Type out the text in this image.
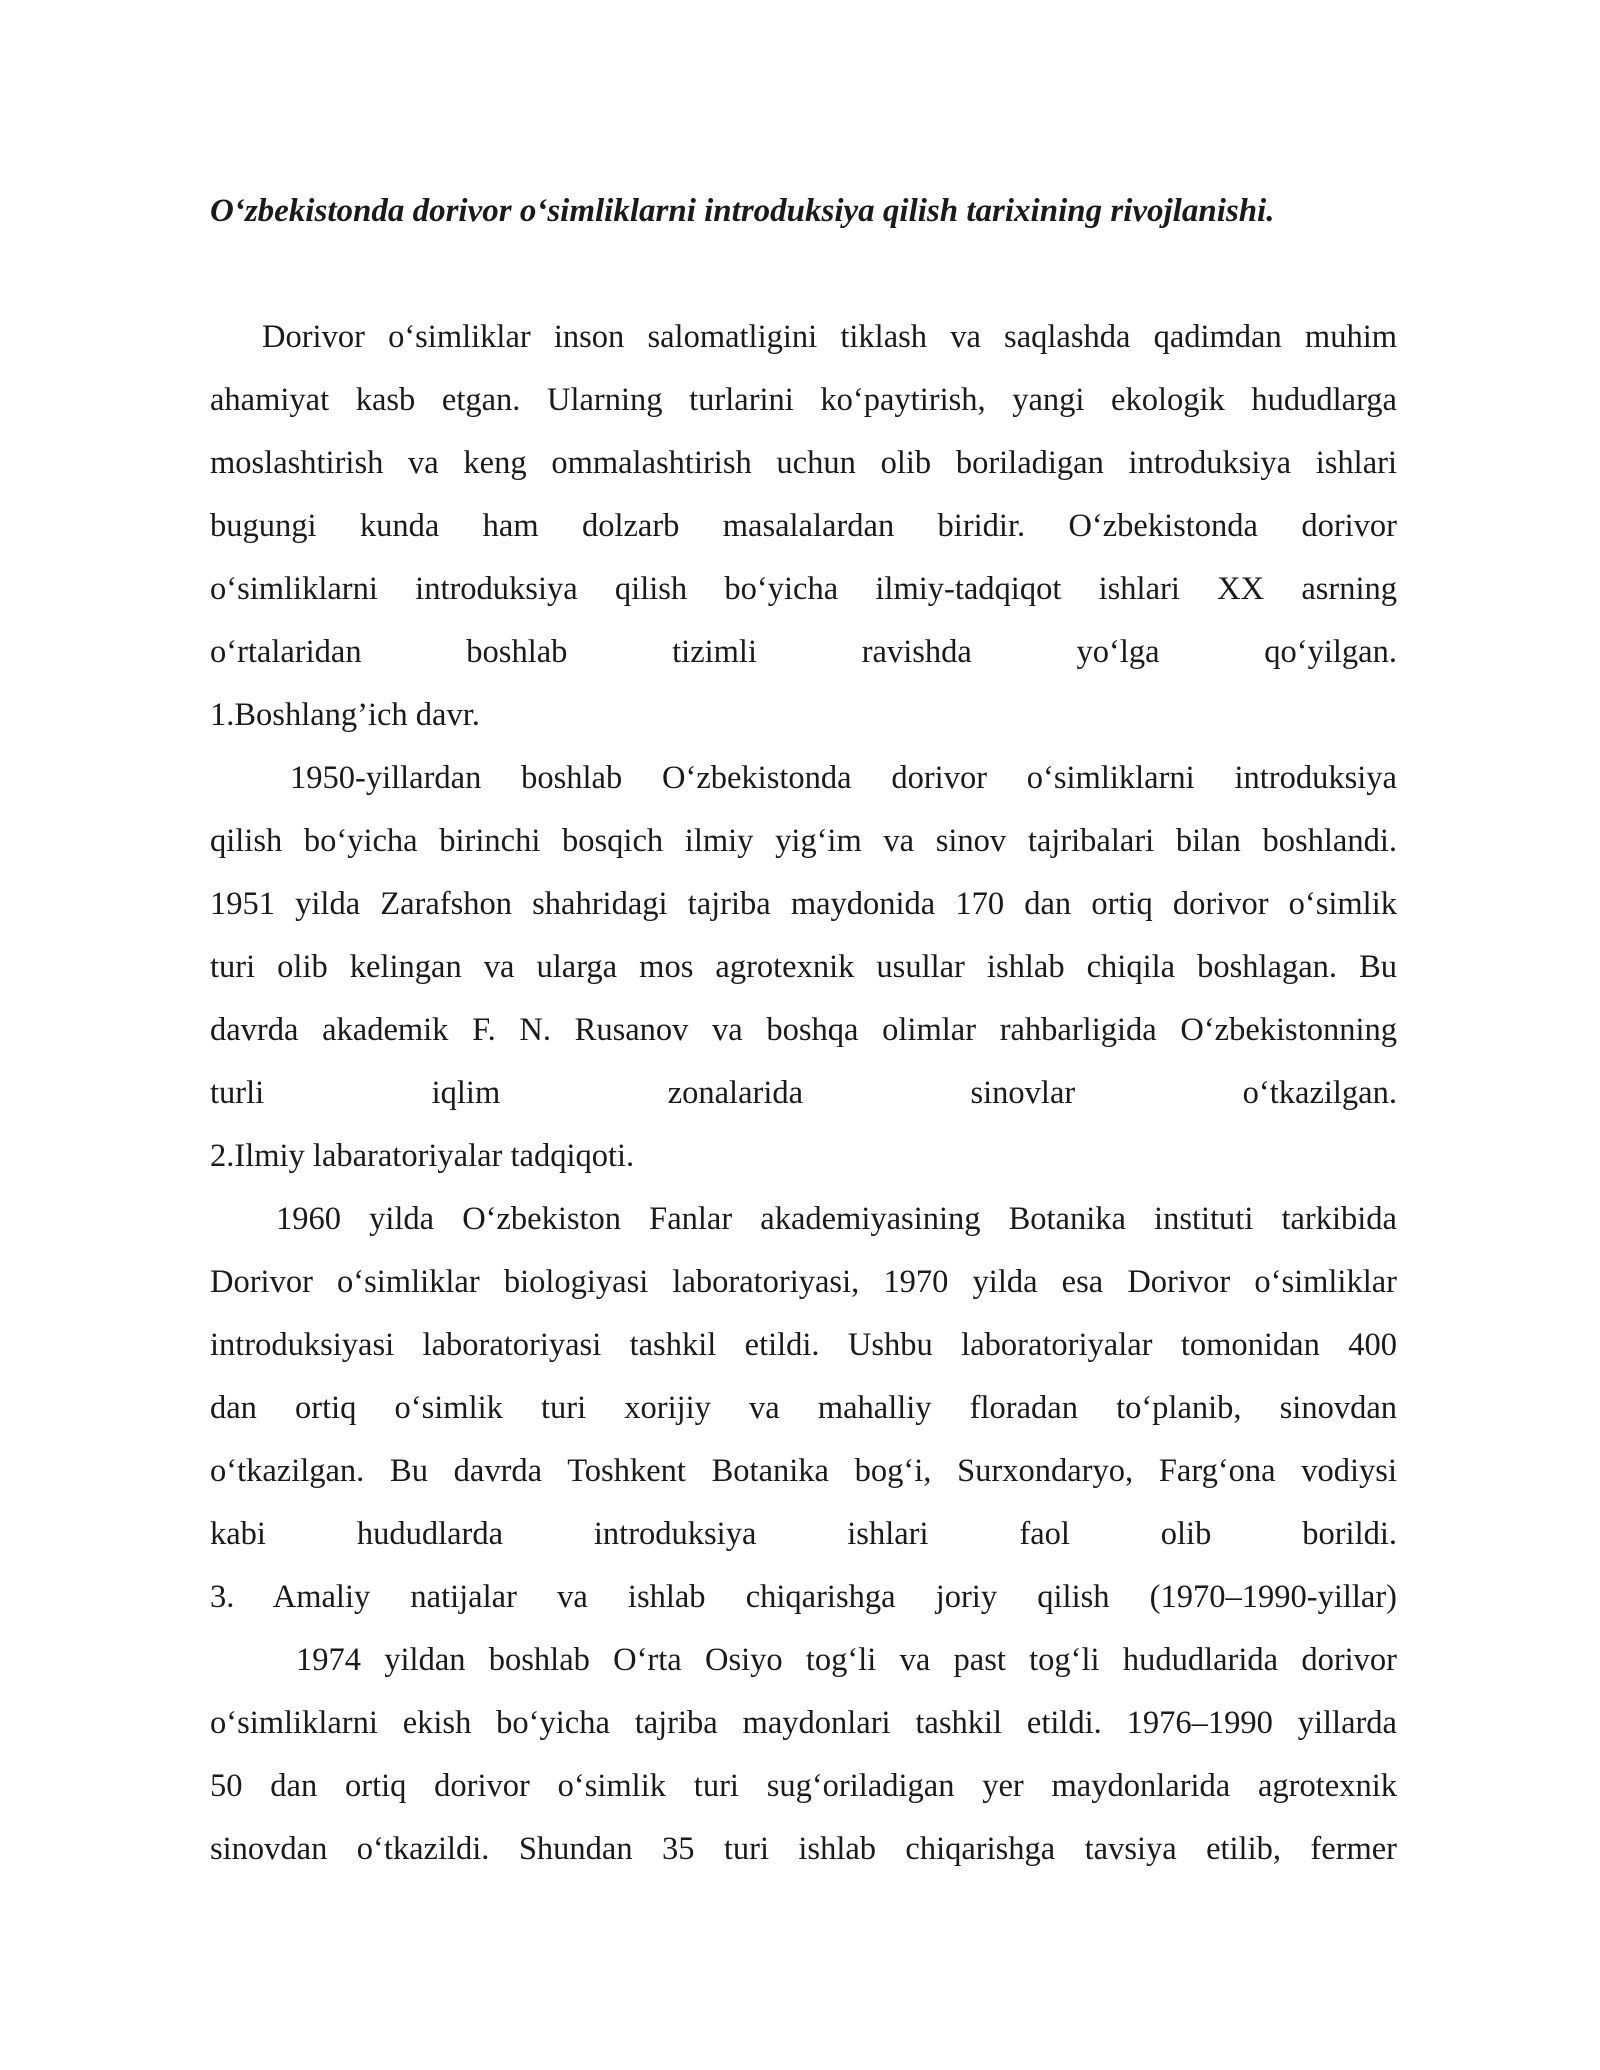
O‘zbekistonda dorivor o‘simliklarni introduksiya qilish tarixining rivojlanishi.
Dorivor o‘simliklar inson salomatligini tiklash va saqlashda qadimdan muhim
ahamiyat kasb etgan. Ularning turlarini ko‘paytirish, yangi ekologik hududlarga
moslashtirish va keng ommalashtirish uchun olib boriladigan introduksiya ishlari
bugungi kunda ham dolzarb masalalardan biridir. O‘zbekistonda dorivor
o‘simliklarni introduksiya qilish bo‘yicha ilmiy-tadqiqot ishlari XX asrning
o‘rtalaridan boshlab tizimli ravishda yo‘lga qo‘yilgan.
1.Boshlang’ich davr.
1950-yillardan boshlab O‘zbekistonda dorivor o‘simliklarni introduksiya
qilish bo‘yicha birinchi bosqich ilmiy yig‘im va sinov tajribalari bilan boshlandi.
1951 yilda Zarafshon shahridagi tajriba maydonida 170 dan ortiq dorivor o‘simlik
turi olib kelingan va ularga mos agrotexnik usullar ishlab chiqila boshlagan. Bu
davrda akademik F. N. Rusanov va boshqa olimlar rahbarligida O‘zbekistonning
turli iqlim zonalarida sinovlar o‘tkazilgan.
2.Ilmiy labaratoriyalar tadqiqoti.
1960 yilda O‘zbekiston Fanlar akademiyasining Botanika instituti tarkibida
Dorivor o‘simliklar biologiyasi laboratoriyasi, 1970 yilda esa Dorivor o‘simliklar
introduksiyasi laboratoriyasi tashkil etildi. Ushbu laboratoriyalar tomonidan 400
dan ortiq o‘simlik turi xorijiy va mahalliy floradan to‘planib, sinovdan
o‘tkazilgan. Bu davrda Toshkent Botanika bog‘i, Surxondaryo, Farg‘ona vodiysi
kabi hududlarda introduksiya ishlari faol olib borildi.
3. Amaliy natijalar va ishlab chiqarishga joriy qilish (1970–1990-yillar)
1974 yildan boshlab O‘rta Osiyo tog‘li va past tog‘li hududlarida dorivor
o‘simliklarni ekish bo‘yicha tajriba maydonlari tashkil etildi. 1976–1990 yillarda
50 dan ortiq dorivor o‘simlik turi sug‘oriladigan yer maydonlarida agrotexnik
sinovdan o‘tkazildi. Shundan 35 turi ishlab chiqarishga tavsiya etilib, fermer
